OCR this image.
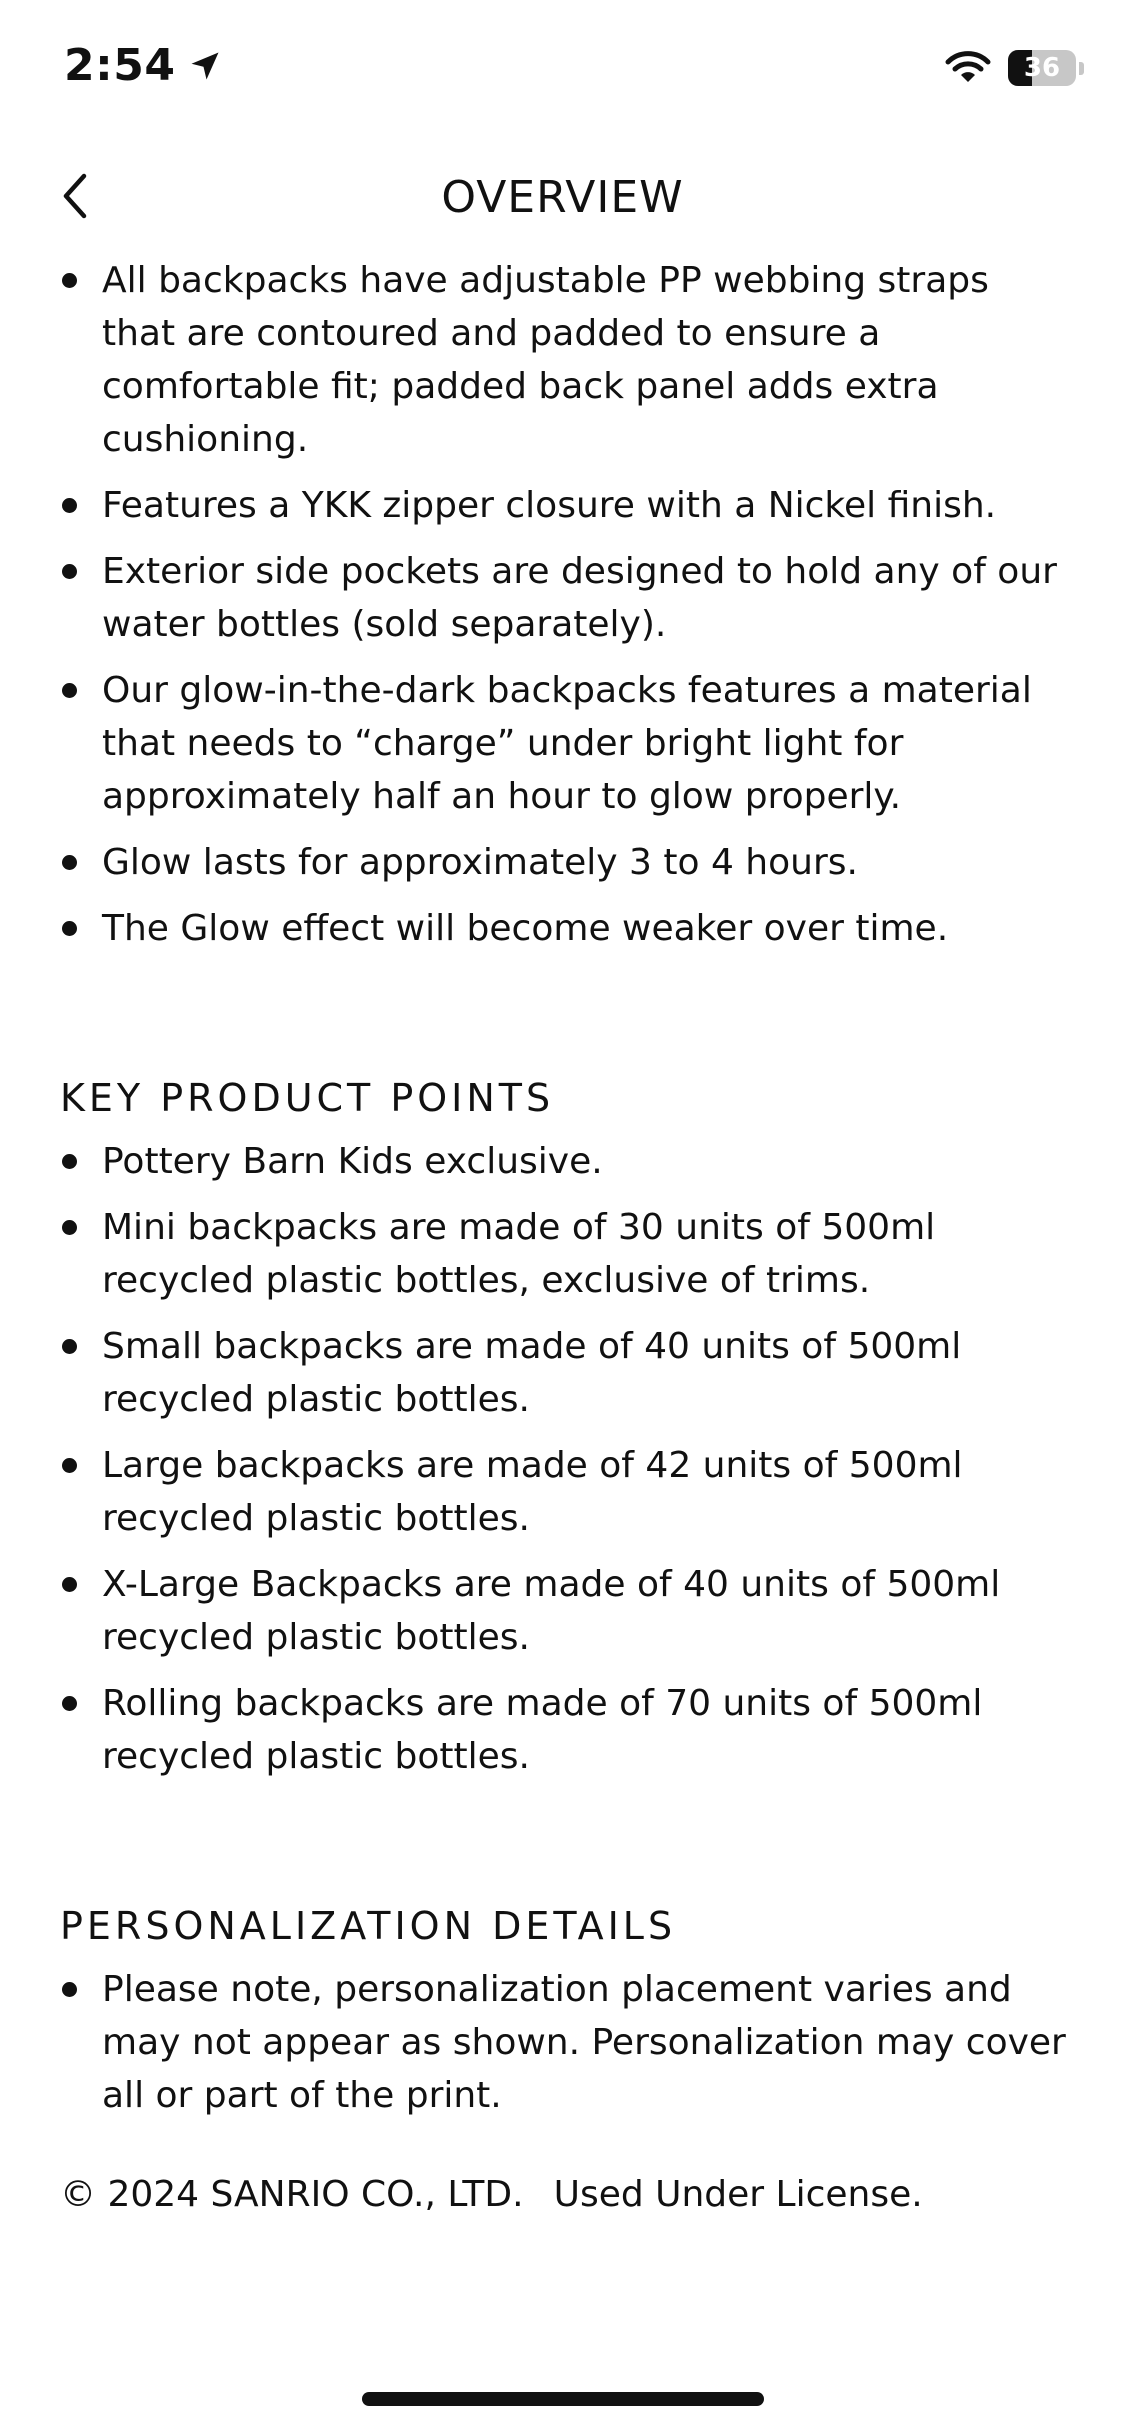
2:54	36
OVERVIEW
All backpacks have adjustable PP webbing straps that are contoured and padded to ensure a comfortable fit; padded back panel adds extra cushioning.
Features a YKK zipper closure with a Nickel finish.
Exterior side pockets are designed to hold any of our water bottles (sold separately).
Our glow-in-the-dark backpacks features a material that needs to “charge” under bright light for approximately half an hour to glow properly.
Glow lasts for approximately 3 to 4 hours.
The Glow effect will become weaker over time.
KEY PRODUCT POINTS
Pottery Barn Kids exclusive.
Mini backpacks are made of 30 units of 500ml recycled plastic bottles, exclusive of trims.
Small backpacks are made of 40 units of 500ml recycled plastic bottles.
Large backpacks are made of 42 units of 500ml recycled plastic bottles.
X-Large Backpacks are made of 40 units of 500ml recycled plastic bottles.
Rolling backpacks are made of 70 units of 500ml recycled plastic bottles.
PERSONALIZATION DETAILS
Please note, personalization placement varies and may not appear as shown. Personalization may cover all or part of the print.
© 2024 SANRIO CO., LTD. Used Under License.
